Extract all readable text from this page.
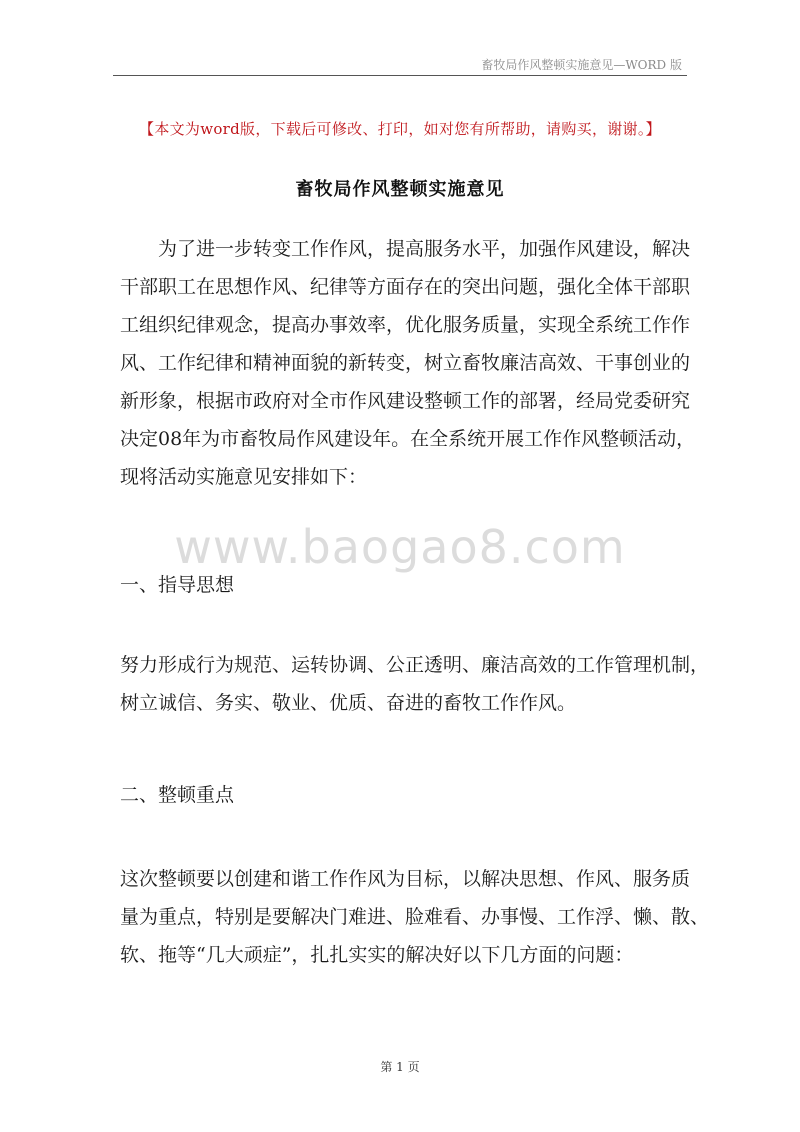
畜牧局作风整顿实施意见—WORD 版
【本文为word版，下载后可修改、打印，如对您有所帮助，请购买，谢谢。】
畜牧局作风整顿实施意见

为了进一步转变工作作风，提高服务水平，加强作风建设，解决
干部职工在思想作风、纪律等方面存在的突出问题，强化全体干部职
工组织纪律观念，提高办事效率，优化服务质量，实现全系统工作作
风、工作纪律和精神面貌的新转变，树立畜牧廉洁高效、干事创业的
新形象，根据市政府对全市作风建设整顿工作的部署，经局党委研究
决定08年为市畜牧局作风建设年。在全系统开展工作作风整顿活动，
现将活动实施意见安排如下：

www.baogao8.com
一、指导思想

努力形成行为规范、运转协调、公正透明、廉洁高效的工作管理机制，
树立诚信、务实、敬业、优质、奋进的畜牧工作作风。

二、整顿重点

这次整顿要以创建和谐工作作风为目标，以解决思想、作风、服务质
量为重点，特别是要解决门难进、脸难看、办事慢、工作浮、懒、散、
软、拖等“几大顽症”，扎扎实实的解决好以下几方面的问题：

第 1 页
